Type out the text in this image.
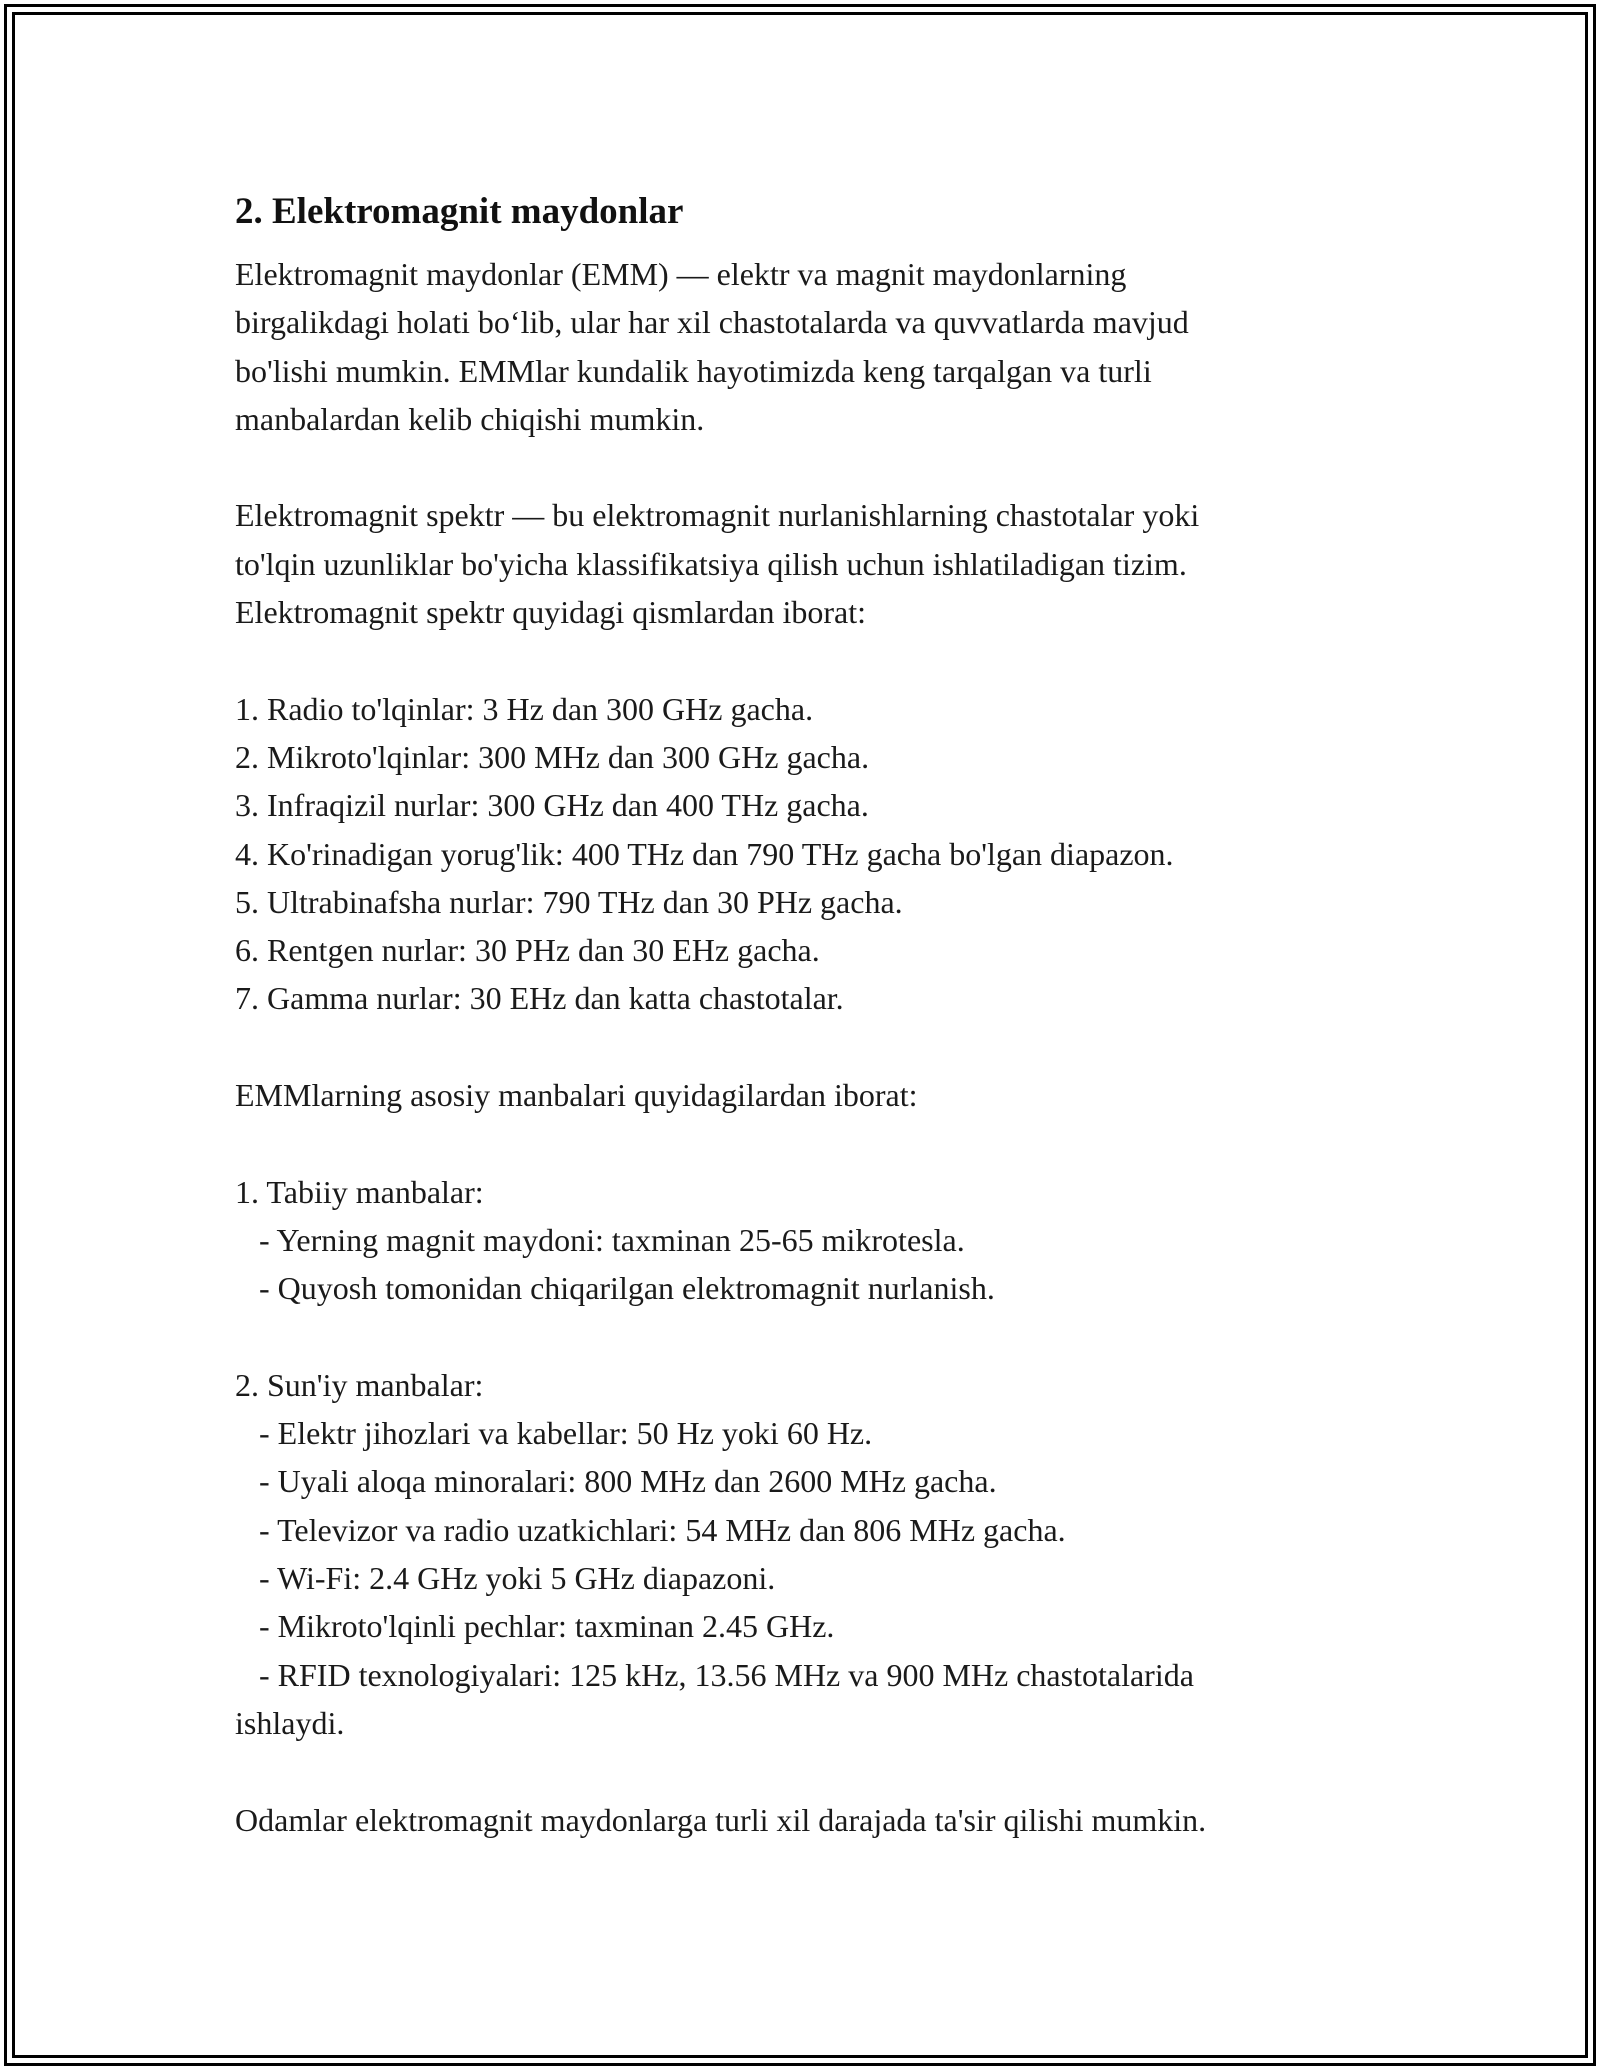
2. Elektromagnit maydonlar
Elektromagnit maydonlar (EMM) — elektr va magnit maydonlarning
birgalikdagi holati bo‘lib, ular har xil chastotalarda va quvvatlarda mavjud
bo'lishi mumkin. EMMlar kundalik hayotimizda keng tarqalgan va turli
manbalardan kelib chiqishi mumkin.
Elektromagnit spektr — bu elektromagnit nurlanishlarning chastotalar yoki
to'lqin uzunliklar bo'yicha klassifikatsiya qilish uchun ishlatiladigan tizim.
Elektromagnit spektr quyidagi qismlardan iborat:
1. Radio to'lqinlar: 3 Hz dan 300 GHz gacha.
2. Mikroto'lqinlar: 300 MHz dan 300 GHz gacha.
3. Infraqizil nurlar: 300 GHz dan 400 THz gacha.
4. Ko'rinadigan yorug'lik: 400 THz dan 790 THz gacha bo'lgan diapazon.
5. Ultrabinafsha nurlar: 790 THz dan 30 PHz gacha.
6. Rentgen nurlar: 30 PHz dan 30 EHz gacha.
7. Gamma nurlar: 30 EHz dan katta chastotalar.
EMMlarning asosiy manbalari quyidagilardan iborat:
1. Tabiiy manbalar:
- Yerning magnit maydoni: taxminan 25-65 mikrotesla.
- Quyosh tomonidan chiqarilgan elektromagnit nurlanish.
2. Sun'iy manbalar:
- Elektr jihozlari va kabellar: 50 Hz yoki 60 Hz.
- Uyali aloqa minoralari: 800 MHz dan 2600 MHz gacha.
- Televizor va radio uzatkichlari: 54 MHz dan 806 MHz gacha.
- Wi-Fi: 2.4 GHz yoki 5 GHz diapazoni.
- Mikroto'lqinli pechlar: taxminan 2.45 GHz.
- RFID texnologiyalari: 125 kHz, 13.56 MHz va 900 MHz chastotalarida
ishlaydi.
Odamlar elektromagnit maydonlarga turli xil darajada ta'sir qilishi mumkin.
